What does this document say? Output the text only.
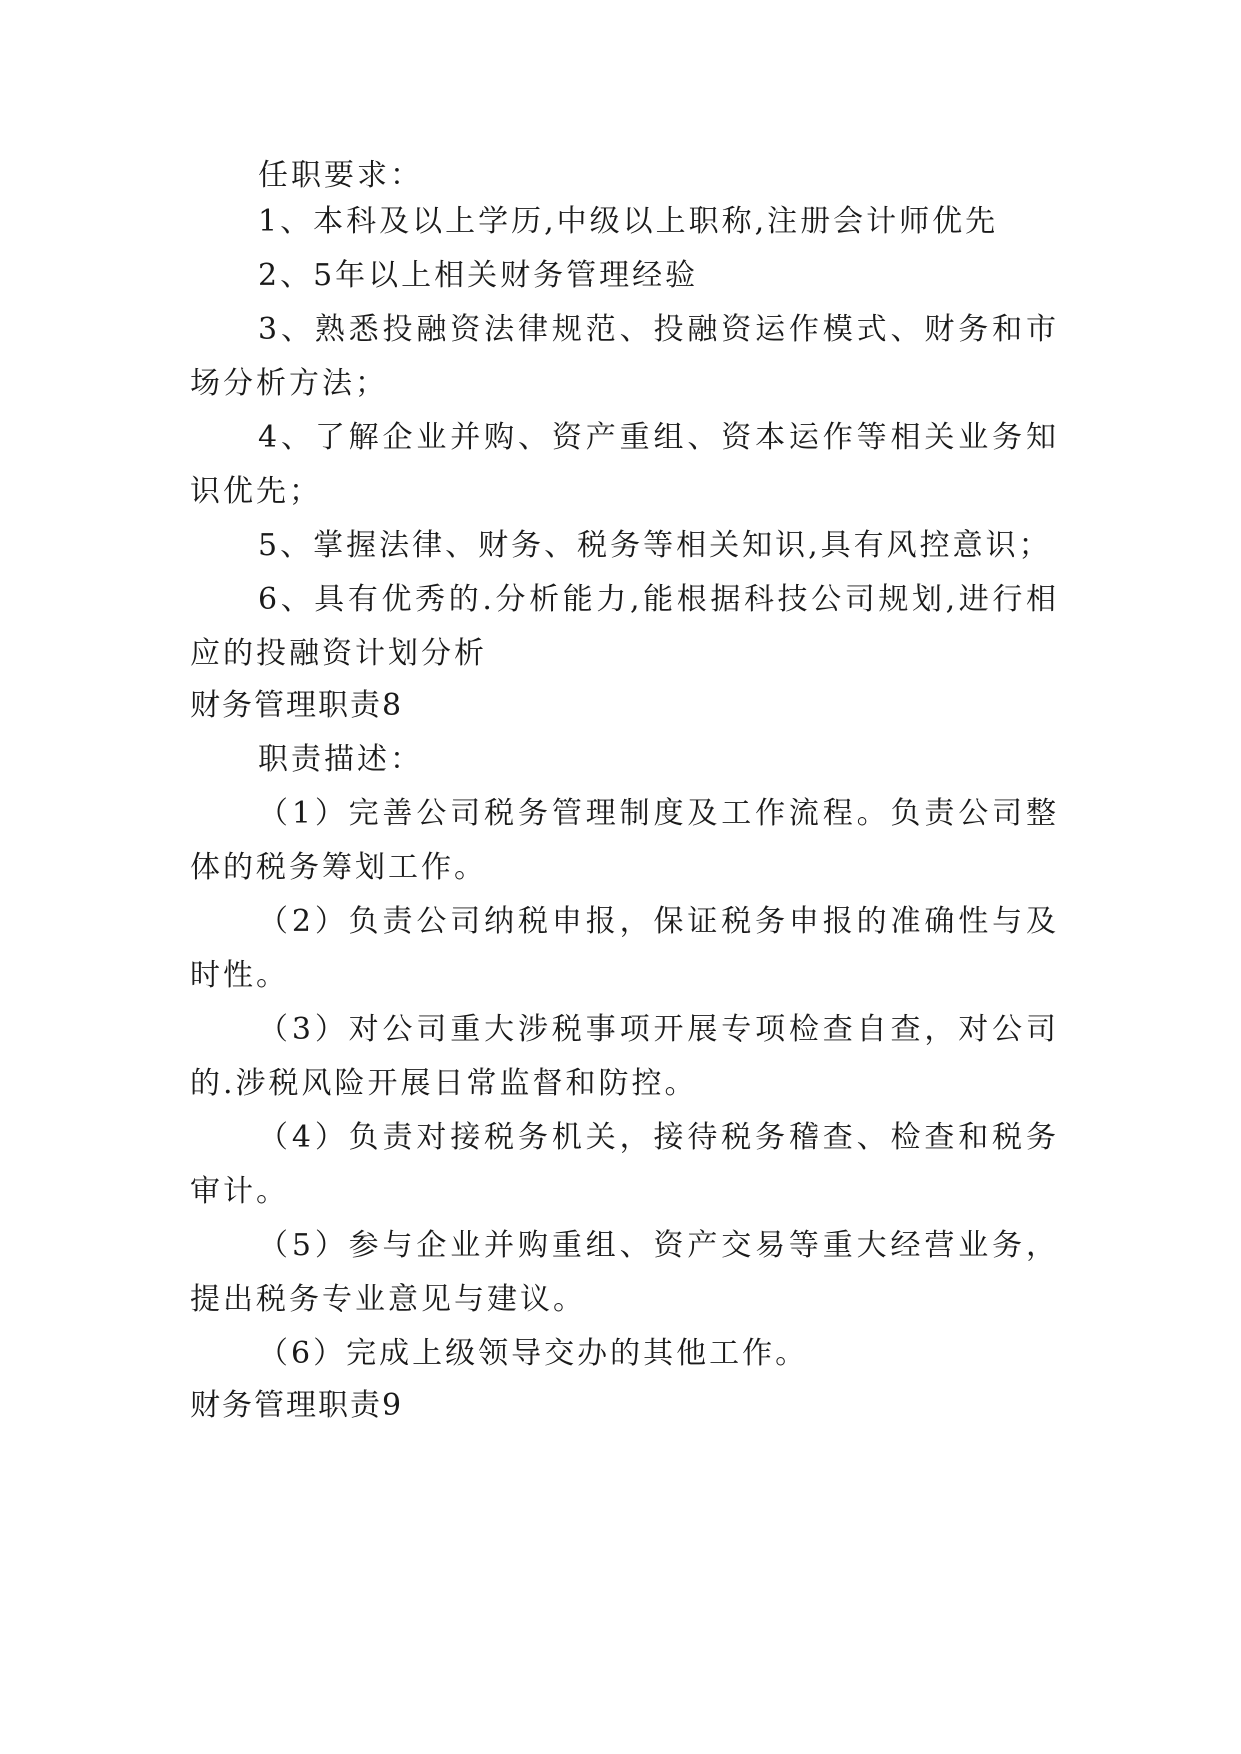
任职要求：
1、本科及以上学历,中级以上职称,注册会计师优先
2、5年以上相关财务管理经验
3、熟悉投融资法律规范、投融资运作模式、财务和市
场分析方法；
4、了解企业并购、资产重组、资本运作等相关业务知
识优先；
5、掌握法律、财务、税务等相关知识,具有风控意识；
6、具有优秀的.分析能力,能根据科技公司规划,进行相
应的投融资计划分析
财务管理职责8
职责描述：
（1）完善公司税务管理制度及工作流程。负责公司整
体的税务筹划工作。
（2）负责公司纳税申报，保证税务申报的准确性与及
时性。
（3）对公司重大涉税事项开展专项检查自查，对公司
的.涉税风险开展日常监督和防控。
（4）负责对接税务机关，接待税务稽查、检查和税务
审计。
（5）参与企业并购重组、资产交易等重大经营业务，
提出税务专业意见与建议。
（6）完成上级领导交办的其他工作。
财务管理职责9
